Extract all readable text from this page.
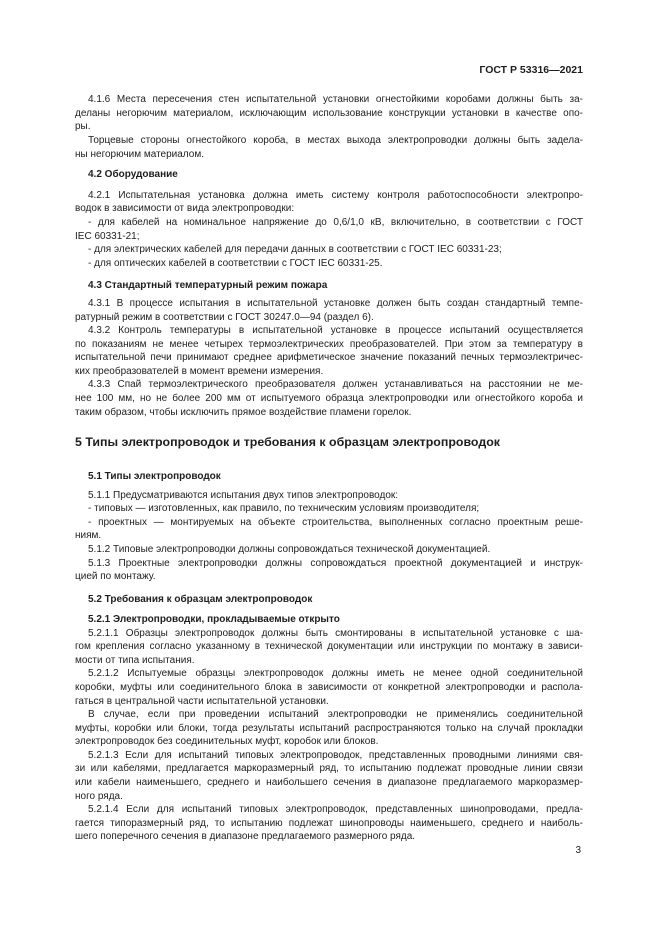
ГОСТ Р 53316—2021
4.1.6 Места пересечения стен испытательной установки огнестойкими коробами должны быть за-
деланы негорючим материалом, исключающим использование конструкции установки в качестве опо-
ры.
Торцевые стороны огнестойкого короба, в местах выхода электропроводки должны быть задела-
ны негорючим материалом.
4.2 Оборудование
4.2.1 Испытательная установка должна иметь систему контроля работоспособности электропро-
водок в зависимости от вида электропроводки:
- для кабелей на номинальное напряжение до 0,6/1,0 кВ, включительно, в соответствии с ГОСТ
IEC 60331-21;
- для электрических кабелей для передачи данных в соответствии с ГОСТ IEC 60331-23;
- для оптических кабелей в соответствии с ГОСТ IEC 60331-25.
4.3 Стандартный температурный режим пожара
4.3.1 В процессе испытания в испытательной установке должен быть создан стандартный темпе-
ратурный режим в соответствии с ГОСТ 30247.0—94 (раздел 6).
4.3.2 Контроль температуры в испытательной установке в процессе испытаний осуществляется
по показаниям не менее четырех термоэлектрических преобразователей. При этом за температуру в
испытательной печи принимают среднее арифметическое значение показаний печных термоэлектричес-
ких преобразователей в момент времени измерения.
4.3.3 Спай термоэлектрического преобразователя должен устанавливаться на расстоянии не ме-
нее 100 мм, но не более 200 мм от испытуемого образца электропроводки или огнестойкого короба и
таким образом, чтобы исключить прямое воздействие пламени горелок.
5 Типы электропроводок и требования к образцам электропроводок
5.1 Типы электропроводок
5.1.1 Предусматриваются испытания двух типов электропроводок:
- типовых — изготовленных, как правило, по техническим условиям производителя;
- проектных — монтируемых на объекте строительства, выполненных согласно проектным реше-
ниям.
5.1.2 Типовые электропроводки должны сопровождаться технической документацией.
5.1.3 Проектные электропроводки должны сопровождаться проектной документацией и инструк-
цией по монтажу.
5.2 Требования к образцам электропроводок
5.2.1 Электропроводки, прокладываемые открыто
5.2.1.1 Образцы электропроводок должны быть смонтированы в испытательной установке с ша-
гом крепления согласно указанному в технической документации или инструкции по монтажу в зависи-
мости от типа испытания.
5.2.1.2 Испытуемые образцы электропроводок должны иметь не менее одной соединительной
коробки, муфты или соединительного блока в зависимости от конкретной электропроводки и распола-
гаться в центральной части испытательной установки.
В случае, если при проведении испытаний электропроводки не применялись соединительной
муфты, коробки или блоки, тогда результаты испытаний распространяются только на случай прокладки
электропроводок без соединительных муфт, коробок или блоков.
5.2.1.3 Если для испытаний типовых электропроводок, представленных проводными линиями свя-
зи или кабелями, предлагается маркоразмерный ряд, то испытанию подлежат проводные линии связи
или кабели наименьшего, среднего и наибольшего сечения в диапазоне предлагаемого маркоразмер-
ного ряда.
5.2.1.4 Если для испытаний типовых электропроводок, представленных шинопроводами, предла-
гается типоразмерный ряд, то испытанию подлежат шинопроводы наименьшего, среднего и наиболь-
шего поперечного сечения в диапазоне предлагаемого размерного ряда.
3
